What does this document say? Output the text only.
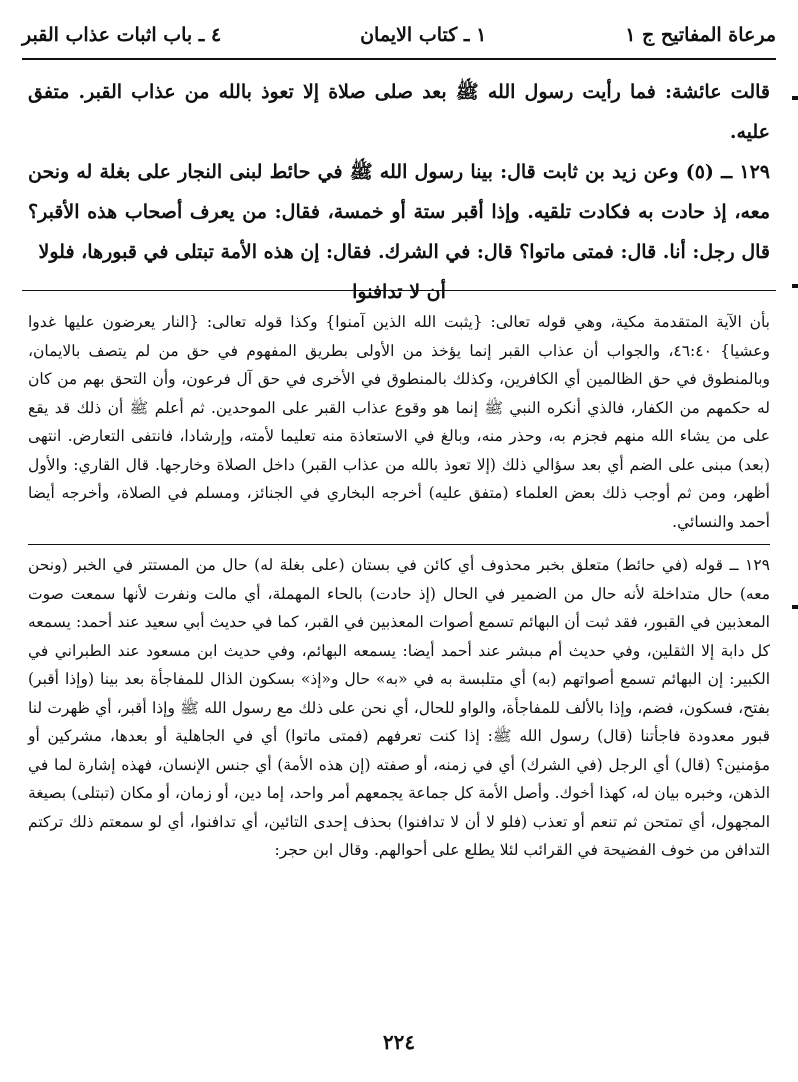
مرعاة المفاتيح ج ١
١ ـ كتاب الايمان
٤ ـ باب اثبات عذاب القبر

قالت عائشة: فما رأيت رسول الله ﷺ بعد صلى صلاة إلا تعوذ بالله من عذاب القبر. متفق عليه.

١٢٩ ــ (٥) وعن زيد بن ثابت قال: بينا رسول الله ﷺ في حائط لبنى النجار على بغلة له ونحن معه، إذ حادت به فكادت تلقيه. وإذا أقبر ستة أو خمسة، فقال: من يعرف أصحاب هذه الأقبر؟ قال رجل: أنا. قال: فمتى ماتوا؟ قال: في الشرك. فقال: إن هذه الأمة تبتلى في قبورها، فلولا

أن لا تدافنوا

بأن الآية المتقدمة مكية، وهي قوله تعالى: {يثبت الله الذين آمنوا} وكذا قوله تعالى: {النار يعرضون عليها غدوا وعشيا} ٤٦:٤٠، والجواب أن عذاب القبر إنما يؤخذ من الأولى بطريق المفهوم في حق من لم يتصف بالايمان، وبالمنطوق في حق الظالمين أي الكافرين، وكذلك بالمنطوق في الأخرى في حق آل فرعون، وأن التحق بهم من كان له حكمهم من الكفار، فالذي أنكره النبي ﷺ إنما هو وقوع عذاب القبر على الموحدين. ثم أعلم ﷺ أن ذلك قد يقع على من يشاء الله منهم فجزم به، وحذر منه، وبالغ في الاستعاذة منه تعليما لأمته، وإرشادا، فانتفى التعارض. انتهى (بعد) مبنى على الضم أي بعد سؤالي ذلك (إلا تعوذ بالله من عذاب القبر) داخل الصلاة وخارجها. قال القاري: والأول أظهر، ومن ثم أوجب ذلك بعض العلماء (متفق عليه) أخرجه البخاري في الجنائز، ومسلم في الصلاة، وأخرجه أيضا أحمد والنسائي.

١٢٩ ــ قوله (في حائط) متعلق بخبر محذوف أي كائن في بستان (على بغلة له) حال من المستتر في الخبر (ونحن معه) حال متداخلة لأنه حال من الضمير في الحال (إذ حادت) بالحاء المهملة، أي مالت ونفرت لأنها سمعت صوت المعذبين في القبور، فقد ثبت أن البهائم تسمع أصوات المعذبين في القبر، كما في حديث أبي سعيد عند أحمد: يسمعه كل دابة إلا الثقلين، وفي حديث أم مبشر عند أحمد أيضا: يسمعه البهائم، وفي حديث ابن مسعود عند الطبراني في الكبير: إن البهائم تسمع أصواتهم (به) أي متلبسة به في «به» حال و«إذ» بسكون الذال للمفاجأة بعد بينا (وإذا أقبر) بفتح، فسكون، فضم، وإذا بالألف للمفاجأة، والواو للحال، أي نحن على ذلك مع رسول الله ﷺ وإذا أقبر، أي ظهرت لنا قبور معدودة فاجأتنا (قال) رسول الله ﷺ: إذا كنت تعرفهم (فمتى ماتوا) أي في الجاهلية أو بعدها، مشركين أو مؤمنين؟ (قال) أي الرجل (في الشرك) أي في زمنه، أو صفته (إن هذه الأمة) أي جنس الإنسان، فهذه إشارة لما في الذهن، وخبره بيان له، كهذا أخوك. وأصل الأمة كل جماعة يجمعهم أمر واحد، إما دين، أو زمان، أو مكان (تبتلى) بصيغة المجهول، أي تمتحن ثم تنعم أو تعذب (فلو لا أن لا تدافنوا) بحذف إحدى التائين، أي تدافنوا، أي لو سمعتم ذلك تركتم التدافن من خوف الفضيحة في القرائب لئلا يطلع على أحوالهم. وقال ابن حجر:

٢٢٤
